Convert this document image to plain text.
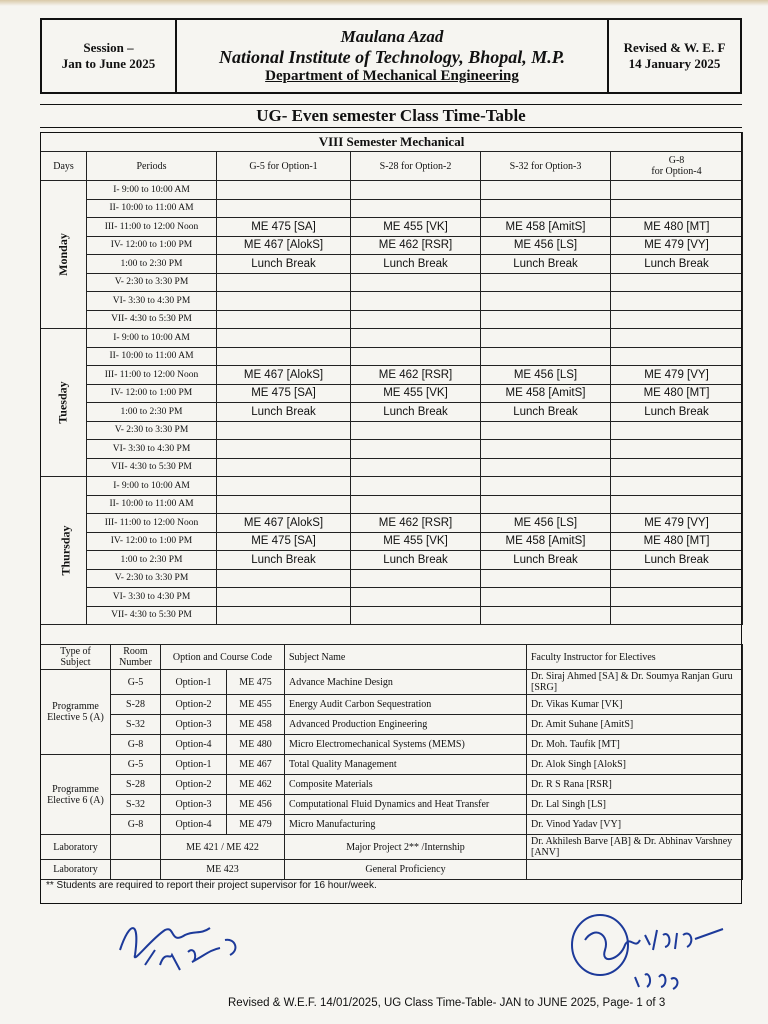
Session –
Jan to June 2025
Maulana Azad
National Institute of Technology, Bhopal, M.P.
Department of Mechanical Engineering
Revised & W. E. F
14 January 2025
UG- Even semester Class Time-Table
VIII Semester Mechanical					
Days	Periods	G-5 for Option-1	S-28 for Option-2	S-32 for Option-3	G-8
for Option-4

Monday	I- 9:00 to 10:00 AM				
	II- 10:00 to 11:00 AM				
	III- 11:00 to 12:00 Noon	ME 475 [SA]	ME 455 [VK]	ME 458 [AmitS]	ME 480 [MT]
	IV- 12:00 to 1:00 PM	ME 467 [AlokS]	ME 462 [RSR]	ME 456 [LS]	ME 479 [VY]
	1:00 to 2:30 PM	Lunch Break	Lunch Break	Lunch Break	Lunch Break
	V- 2:30 to 3:30 PM				
	VI- 3:30 to 4:30 PM				
	VII- 4:30 to 5:30 PM				
Tuesday	I- 9:00 to 10:00 AM				
	II- 10:00 to 11:00 AM				
	III- 11:00 to 12:00 Noon	ME 467 [AlokS]	ME 462 [RSR]	ME 456 [LS]	ME 479 [VY]
	IV- 12:00 to 1:00 PM	ME 475 [SA]	ME 455 [VK]	ME 458 [AmitS]	ME 480 [MT]
	1:00 to 2:30 PM	Lunch Break	Lunch Break	Lunch Break	Lunch Break
	V- 2:30 to 3:30 PM				
	VI- 3:30 to 4:30 PM				
	VII- 4:30 to 5:30 PM				
Thursday	I- 9:00 to 10:00 AM				
	II- 10:00 to 11:00 AM				
	III- 11:00 to 12:00 Noon	ME 467 [AlokS]	ME 462 [RSR]	ME 456 [LS]	ME 479 [VY]
	IV- 12:00 to 1:00 PM	ME 475 [SA]	ME 455 [VK]	ME 458 [AmitS]	ME 480 [MT]
	1:00 to 2:30 PM	Lunch Break	Lunch Break	Lunch Break	Lunch Break
	V- 2:30 to 3:30 PM				
	VI- 3:30 to 4:30 PM				
	VII- 4:30 to 5:30 PM				
Type of Subject	Room Number	Option and Course Code		Subject Name	Faculty Instructor for Electives
Programme Elective 5 (A)	G-5	Option-1	ME 475	Advance Machine Design	Dr. Siraj Ahmed [SA] & Dr. Soumya Ranjan Guru [SRG]
	S-28	Option-2	ME 455	Energy Audit Carbon Sequestration	Dr. Vikas Kumar [VK]
	S-32	Option-3	ME 458	Advanced Production Engineering	Dr. Amit Suhane [AmitS]
	G-8	Option-4	ME 480	Micro Electromechanical Systems (MEMS)	Dr. Moh. Taufik [MT]
Programme Elective 6 (A)	G-5	Option-1	ME 467	Total Quality Management	Dr. Alok Singh [AlokS]
	S-28	Option-2	ME 462	Composite Materials	Dr. R S Rana [RSR]
	S-32	Option-3	ME 456	Computational Fluid Dynamics and Heat Transfer	Dr. Lal Singh [LS]
	G-8	Option-4	ME 479	Micro Manufacturing	Dr. Vinod Yadav [VY]
Laboratory		ME 421 / ME 422		Major Project 2** /Internship	Dr. Akhilesh Barve [AB] & Dr. Abhinav Varshney [ANV]
Laboratory		ME 423		General Proficiency	
** Students are required to report their project supervisor for 16 hour/week.
Revised & W.E.F. 14/01/2025, UG Class Time-Table- JAN to JUNE 2025, Page- 1 of 3
